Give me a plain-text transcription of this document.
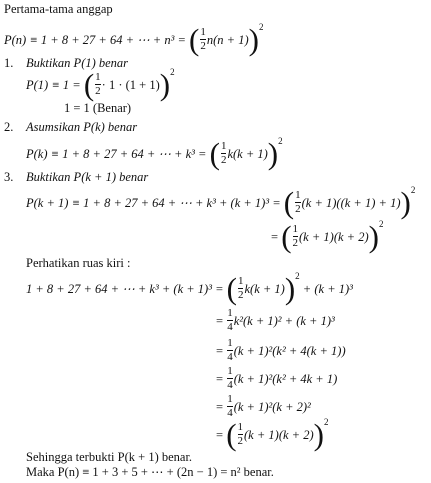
Pertama-tama anggap
P(n) ≡ 1 + 8 + 27 + 64 + ⋯ + n³ =
( $\frac{1}{2} n(n + 1)$ ) 2
1. Buktikan P(1) benar
P(1) ≡ 1 =
( $\frac{1}{2} \cdot 1 \cdot (1 + 1)$ ) 2
1 = 1 (Benar)
2. Asumsikan P(k) benar
P(k) ≡ 1 + 8 + 27 + 64 + ⋯ + k³ =
( $\frac{1}{2} k(k + 1)$ ) 2
3. Buktikan P(k + 1) benar
P(k + 1) ≡ 1 + 8 + 27 + 64 + ⋯ + k³ + (k + 1)³ =
( $\frac{1}{2} (k + 1)((k + 1) + 1)$ ) 2
=
( $\frac{1}{2} (k + 1)(k + 2)$ ) 2
Perhatikan ruas kiri :
1 + 8 + 27 + 64 + ⋯ + k³ + (k + 1)³ =
( $\frac{1}{2} k(k + 1)$ ) 2

+ (k + 1)³
=
$\frac{1}{4} k^2(k + 1)^2 + (k + 1)^3$
=
$\frac{1}{4} (k + 1)^2(k^2 + 4(k + 1))$
=
$\frac{1}{4} (k + 1)^2(k^2 + 4k + 1)$
=
$\frac{1}{4} (k + 1)^2(k + 2)^2$
=
( $\frac{1}{2} (k + 1)(k + 2)$ ) 2
Sehingga terbukti P(k + 1) benar.
Maka P(n) ≡ 1 + 3 + 5 + ⋯ + (2n − 1) = n² benar.
